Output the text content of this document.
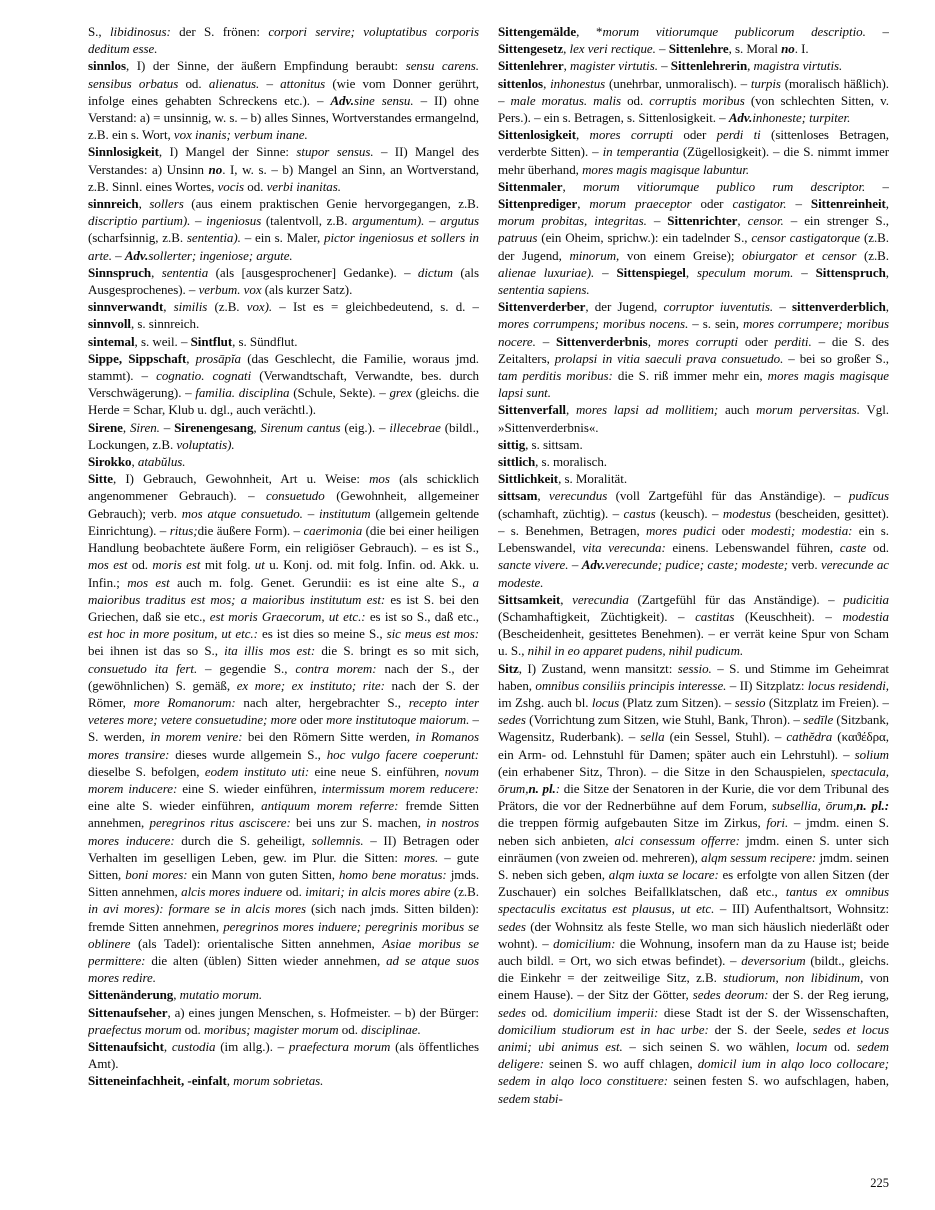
S., libidinosus: der S. frönen: corpori servire; voluptatibus corporis deditum esse.

sinnlos, I) der Sinne, der äußern Empfindung beraubt: sensu carens. sensibus orbatus od. alienatus. – attonitus (wie vom Donner gerührt, infolge eines gehabten Schreckens etc.). – Adv.sine sensu. – II) ohne Verstand: a) = unsinnig, w. s. – b) alles Sinnes, Wortverstandes ermangelnd, z.B. ein s. Wort, vox inanis; verbum inane.

Sinnlosigkeit, I) Mangel der Sinne: stupor sensus. – II) Mangel des Verstandes: a) Unsinn no. I, w. s. – b) Mangel an Sinn, an Wortverstand, z.B. Sinnl. eines Wortes, vocis od. verbi inanitas.

sinnreich, sollers (aus einem praktischen Genie hervorgegangen, z.B. discriptio partium). – ingeniosus (talentvoll, z.B. argumentum). – argutus (scharfsinnig, z.B. sententia). – ein s. Maler, pictor ingeniosus et sollers in arte. – Adv.sollerter; ingeniose; argute.

Sinnspruch, sententia (als [ausgesprochener] Gedanke). – dictum (als Ausgesprochenes). – verbum. vox (als kurzer Satz).

sinnverwandt, similis (z.B. vox). – Ist es = gleichbedeutend, s. d. – sinnvoll, s. sinnreich.

sintemal, s. weil. – Sintflut, s. Sündflut.

Sippe, Sippschaft, prosāpĭa (das Geschlecht, die Familie, woraus jmd. stammt). – cognatio. cognati (Verwandtschaft, Verwandte, bes. durch Verschwägerung). – familia. disciplina (Schule, Sekte). – grex (gleichs. die Herde = Schar, Klub u. dgl., auch verächtl.).

Sirene, Siren. – Sirenengesang, Sirenum cantus (eig.). – illecebrae (bildl., Lockungen, z.B. voluptatis).

Sirokko, atabŭlus.

Sitte, I) Gebrauch, Gewohnheit, Art u. Weise: mos (als schicklich angenommener Gebrauch). – consuetudo (Gewohnheit, allgemeiner Gebrauch); verb. mos atque consuetudo. – institutum (allgemein geltende Einrichtung). – ritus;die äußere Form). – caerimonia (die bei einer heiligen Handlung beobachtete äußere Form, ein religiöser Gebrauch). – es ist S., mos est od. moris est mit folg. ut u. Konj. od. mit folg. Infin. od. Akk. u. Infin.; mos est auch m. folg. Genet. Gerundii: es ist eine alte S., a maioribus traditus est mos; a maioribus institutum est: es ist S. bei den Griechen, daß sie etc., est moris Graecorum, ut etc.: es ist so S., daß etc., est hoc in more positum, ut etc.: es ist dies so meine S., sic meus est mos: bei ihnen ist das so S., ita illis mos est: die S. bringt es so mit sich, consuetudo ita fert. – gegendie S., contra morem: nach der S., der (gewöhnlichen) S. gemäß, ex more; ex instituto; rite: nach der S. der Römer, more Romanorum: nach alter, hergebrachter S., recepto inter veteres more; vetere consuetudine; more oder more institutoque maiorum. – S. werden, in morem venire: bei den Römern Sitte werden, in Romanos mores transire: dieses wurde allgemein S., hoc vulgo facere coeperunt: dieselbe S. befolgen, eodem instituto uti: eine neue S. einführen, novum morem inducere: eine S. wieder einführen, intermissum morem reducere: eine alte S. wieder einführen, antiquum morem referre: fremde Sitten annehmen, peregrinos ritus asciscere: bei uns zur S. machen, in nostros mores inducere: durch die S. geheiligt, sollemnis. – II) Betragen oder Verhalten im geselligen Leben, gew. im Plur. die Sitten: mores. – gute Sitten, boni mores: ein Mann von guten Sitten, homo bene moratus: jmds. Sitten annehmen, alcis mores induere od. imitari; in alcis mores abire (z.B. in avi mores): formare se in alcis mores (sich nach jmds. Sitten bilden): fremde Sitten annehmen, peregrinos mores induere; peregrinis moribus se oblinere (als Tadel): orientalische Sitten annehmen, Asiae moribus se permittere: die alten (üblen) Sitten wieder annehmen, ad se atque suos mores redire.

Sittenänderung, mutatio morum.

Sittenaufseher, a) eines jungen Menschen, s. Hofmeister. – b) der Bürger: praefectus morum od. moribus; magister morum od. disciplinae.

Sittenaufsicht, custodia (im allg.). – praefectura morum (als öffentliches Amt).

Sitteneinfachheit, -einfalt, morum sobrietas.

Sittengemälde, *morum vitiorumque publicorum descriptio. – Sittengesetz, lex veri rectique. – Sittenlehre, s. Moral no. I.

Sittenlehrer, magister virtutis. – Sittenlehrerin, magistra virtutis.

sittenlos, inhonestus (unehrbar, unmoralisch). – turpis (moralisch häßlich). – male moratus. malis od. corruptis moribus (von schlechten Sitten, v. Pers.). – ein s. Betragen, s. Sittenlosigkeit. – Adv.inhoneste; turpiter.

Sittenlosigkeit, mores corrupti oder perdi ti (sittenloses Betragen, verderbte Sitten). – in temperantia (Zügellosigkeit). – die S. nimmt immer mehr überhand, mores magis magisque labuntur.

Sittenmaler, morum vitiorumque publico rum descriptor. – Sittenprediger, morum praeceptor oder castigator. – Sittenreinheit, morum probitas, integritas. – Sittenrichter, censor. – ein strenger S., patruus (ein Oheim, sprichw.): ein tadelnder S., censor castigatorque (z.B. der Jugend, minorum, von einem Greise); obiurgator et censor (z.B. alienae luxuriae). – Sittenspiegel, speculum morum. – Sittenspruch, sententia sapiens.

Sittenverderber, der Jugend, corruptor iuventutis. – sittenverderblich, mores corrumpens; moribus nocens. – s. sein, mores corrumpere; moribus nocere. – Sittenverderbnis, mores corrupti oder perditi. – die S. des Zeitalters, prolapsi in vitia saeculi prava consuetudo. – bei so großer S., tam perditis moribus: die S. riß immer mehr ein, mores magis magisque lapsi sunt.

Sittenverfall, mores lapsi ad mollitiem; auch morum perversitas. Vgl. »Sittenverderbnis«.

sittig, s. sittsam.

sittlich, s. moralisch.

Sittlichkeit, s. Moralität.

sittsam, verecundus (voll Zartgefühl für das Anständige). – pudīcus (schamhaft, züchtig). – castus (keusch). – modestus (bescheiden, gesittet). – s. Benehmen, Betragen, mores pudici oder modesti; modestia: ein s. Lebenswandel, vita verecunda: einens. Lebenswandel führen, caste od. sancte vivere. – Adv.verecunde; pudice; caste; modeste; verb. verecunde ac modeste.

Sittsamkeit, verecundia (Zartgefühl für das Anständige). – pudicitia (Schamhaftigkeit, Züchtigkeit). – castitas (Keuschheit). – modestia (Bescheidenheit, gesittetes Benehmen). – er verrät keine Spur von Scham u. S., nihil in eo apparet pudens, nihil pudicum.

Sitz, I) Zustand, wenn mansitzt: sessio. – S. und Stimme im Geheimrat haben, omnibus consiliis principis interesse. – II) Sitzplatz: locus residendi, im Zshg. auch bl. locus (Platz zum Sitzen). – sessio (Sitzplatz im Freien). – sedes (Vorrichtung zum Sitzen, wie Stuhl, Bank, Thron). – sedīle (Sitzbank, Wagensitz, Ruderbank). – sella (ein Sessel, Stuhl). – cathĕdra (καϑέδρα, ein Arm- od. Lehnstuhl für Damen; später auch ein Lehrstuhl). – solium (ein erhabener Sitz, Thron). – die Sitze in den Schauspielen, spectacula, ōrum,n. pl.: die Sitze der Senatoren in der Kurie, die vor dem Tribunal des Prätors, die vor der Rednerbühne auf dem Forum, subsellia, ōrum,n. pl.: die treppen förmig aufgebauten Sitze im Zirkus, fori. – jmdm. einen S. neben sich anbieten, alci consessum offerre: jmdm. einen S. unter sich einräumen (von zweien od. mehreren), alqm sessum recipere: jmdm. seinen S. neben sich geben, alqm iuxta se locare: es erfolgte von allen Sitzen (der Zuschauer) ein solches Beifallklatschen, daß etc., tantus ex omnibus spectaculis excitatus est plausus, ut etc. – III) Aufenthaltsort, Wohnsitz: sedes (der Wohnsitz als feste Stelle, wo man sich häuslich niederläßt oder wohnt). – domicilium: die Wohnung, insofern man da zu Hause ist; beide auch bildl. = Ort, wo sich etwas befindet). – deversorium (bildt., gleichs. die Einkehr = der zeitweilige Sitz, z.B. studiorum, non libidinum, von einem Hause). – der Sitz der Götter, sedes deorum: der S. der Reg ierung, sedes od. domicilium imperii: diese Stadt ist der S. der Wissenschaften, domicilium studiorum est in hac urbe: der S. der Seele, sedes et locus animi; ubi animus est. – sich seinen S. wo wählen, locum od. sedem deligere: seinen S. wo auff chlagen, domicil ium in alqo loco collocare; sedem in alqo loco constituere: seinen festen S. wo aufschlagen, haben, sedem stabi-

225
